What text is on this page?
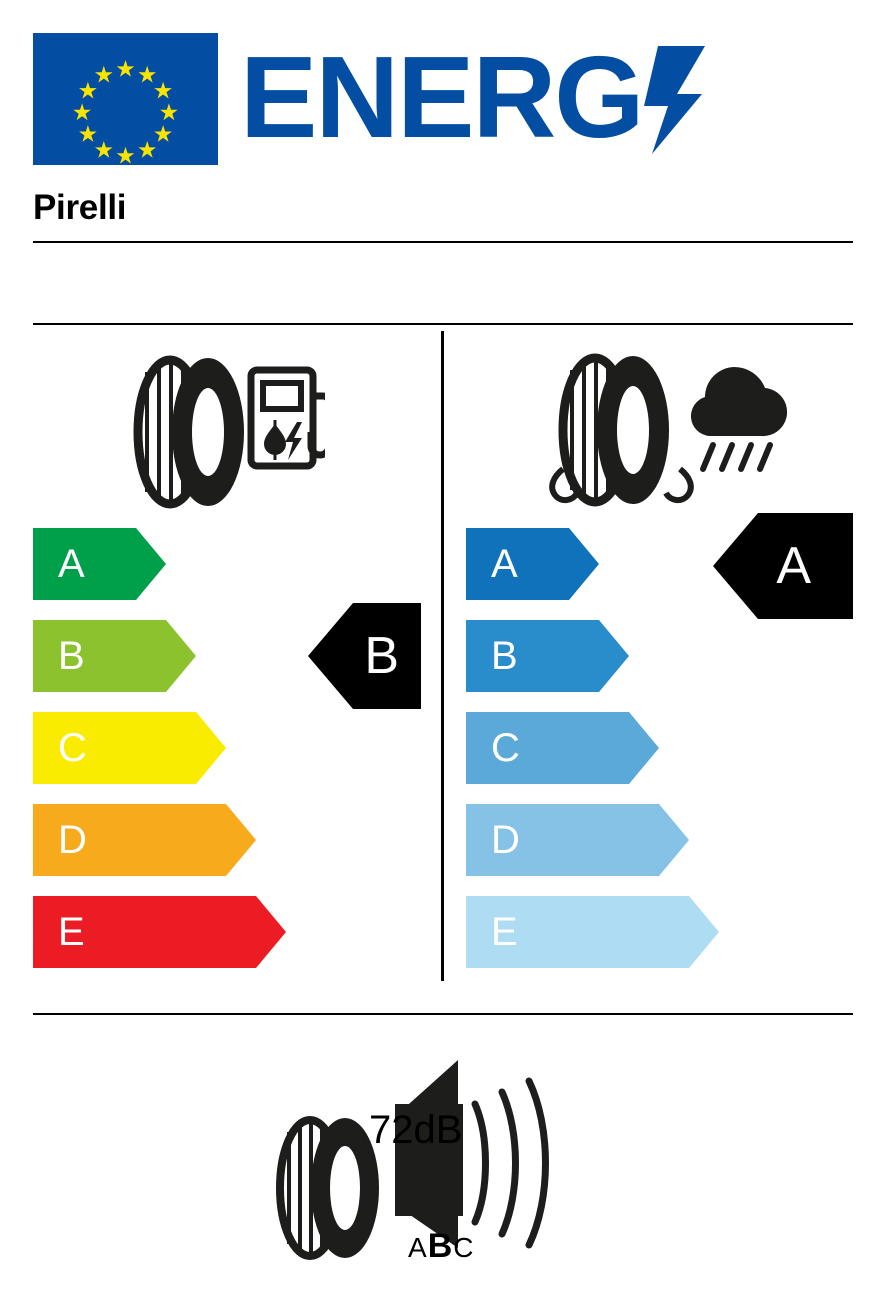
ENERG
Pirelli
A
B
C
D
E
B
A
B
C
D
E
A
72dB
ABC
